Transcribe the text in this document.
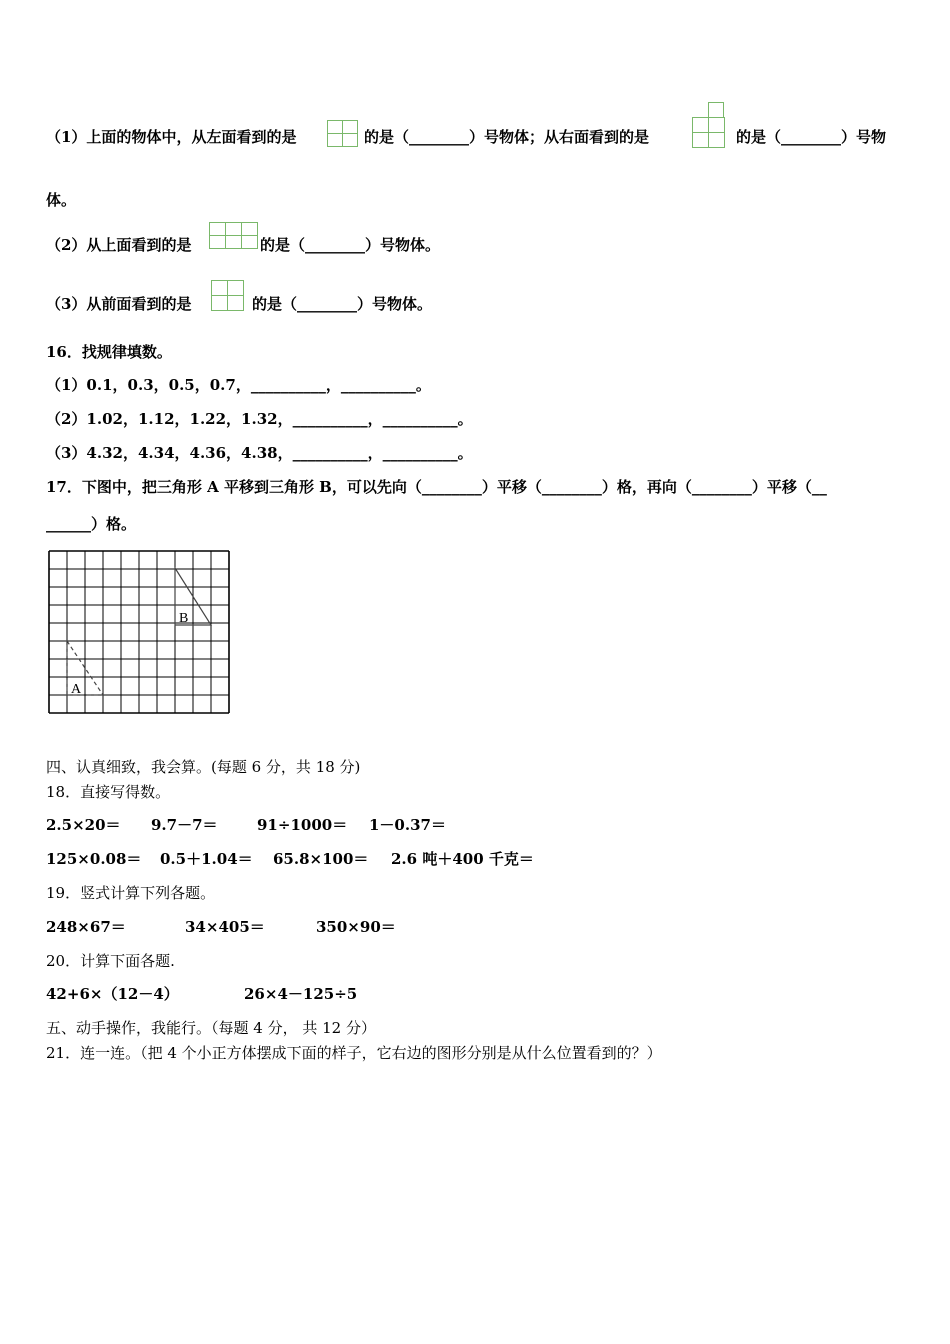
（1）上面的物体中，从左面看到的是	的是（________）号物体；从右面看到的是	的是（________）号物
体。
（2）从上面看到的是	的是（________）号物体。
（3）从前面看到的是	的是（________）号物体。
16．找规律填数。
（1）0.1，0.3，0.5，0.7，__________，__________。
（2）1.02，1.12，1.22，1.32，__________，__________。
（3）4.32，4.34，4.36，4.38，__________，__________。
17．下图中，把三角形 A 平移到三角形 B，可以先向（________）平移（________）格，再向（________）平移（__
______）格。
B
A
四、认真细致，我会算。(每题 6 分，共 18 分)
18．直接写得数。
2.5×20＝ 9.7－7＝	91÷1000＝ 1－0.37＝
125×0.08＝ 0.5＋1.04＝ 65.8×100＝ 2.6 吨＋400 千克＝
19．竖式计算下列各题。
248×67＝	34×405＝	350×90＝
20．计算下面各题.
42+6×（12－4）	26×4－125÷5
五、动手操作，我能行。（每题 4 分， 共 12 分）
21．连一连。（把 4 个小正方体摆成下面的样子，它右边的图形分别是从什么位置看到的？）
